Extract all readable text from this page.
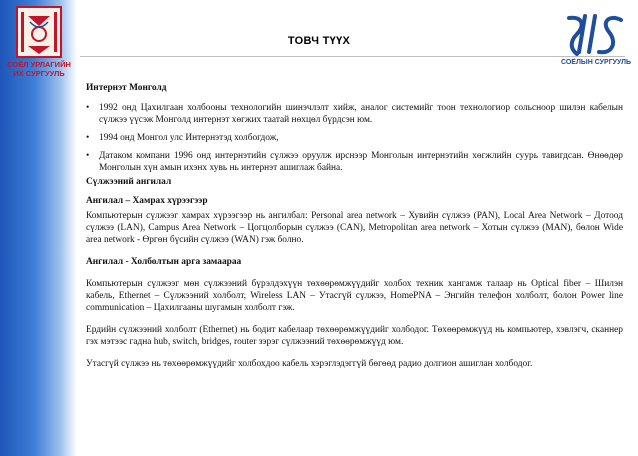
СОЁЛ УРЛАГИЙН
ИХ СУРГУУЛЬ
ТОВЧ ТҮҮХ
СОЁЛЫН СУРГУУЛЬ

Интернэт Монголд

•	1992 онд Цахилгаан холбооны технологийн шинэчлэлт хийж, аналог системийг тоон технологиор сольсноор шилэн кабелын сүлжээ үүсэж Монголд интернэт хөгжих таатай нөхцөл бүрдсэн юм.
•	1994 онд Монгол улс Интернэтэд холбогдож,
•	Датаком компани 1996 онд интернэтийн сүлжээ оруулж ирснээр Монголын интернэтийн хөгжлийн суурь тавигдсан. Өнөөдөр Монголын хүн амын ихэнх хувь нь интернэт ашиглаж байна.

Сүлжээний ангилал

Ангилал – Хамрах хүрээгээр

Компьютерын сүлжээг хамрах хүрээгээр нь ангилбал: Personal area network – Хувийн сүлжээ (PAN), Local Area Network – Дотоод сүлжээ (LAN), Campus Area Network – Цогцолборын сүлжээ (CAN), Metropolitan area network – Хотын сүлжээ (MAN), бөлон Wide area network - Өргөн бүсийн сүлжээ (WAN) гэж болно.

Ангилал - Холболтын арга замаараа

Компьютерын сүлжээг мөн сүлжээний бүрэлдэхүүн төхөөрөмжүүдийг холбох техник хангамж талаар нь Optical fiber – Шилэн кабель, Ethernet – Сүлжээний холболт, Wireless LAN – Утасгүй сүлжээ, HomePNA – Энгийн телефон холболт, болон Power line communication – Цахилгааны шугамын холболт гэж.

Ердийн сүлжээний холболт (Ethernet) нь бодит кабелаар төхөөрөмжүүдийг холбодог. Төхөөрөмжүүд нь компьютер, хэвлэгч, сканнер гэх мэтээс гадна hub, switch, bridges, router зэрэг сүлжээний төхөөрөмжүүд юм.

Утасгүй сүлжээ нь төхөөрөмжүүдийг холбохдоо кабель хэрэглэдэггүй бөгөөд радио долгион ашиглан холбодог.
